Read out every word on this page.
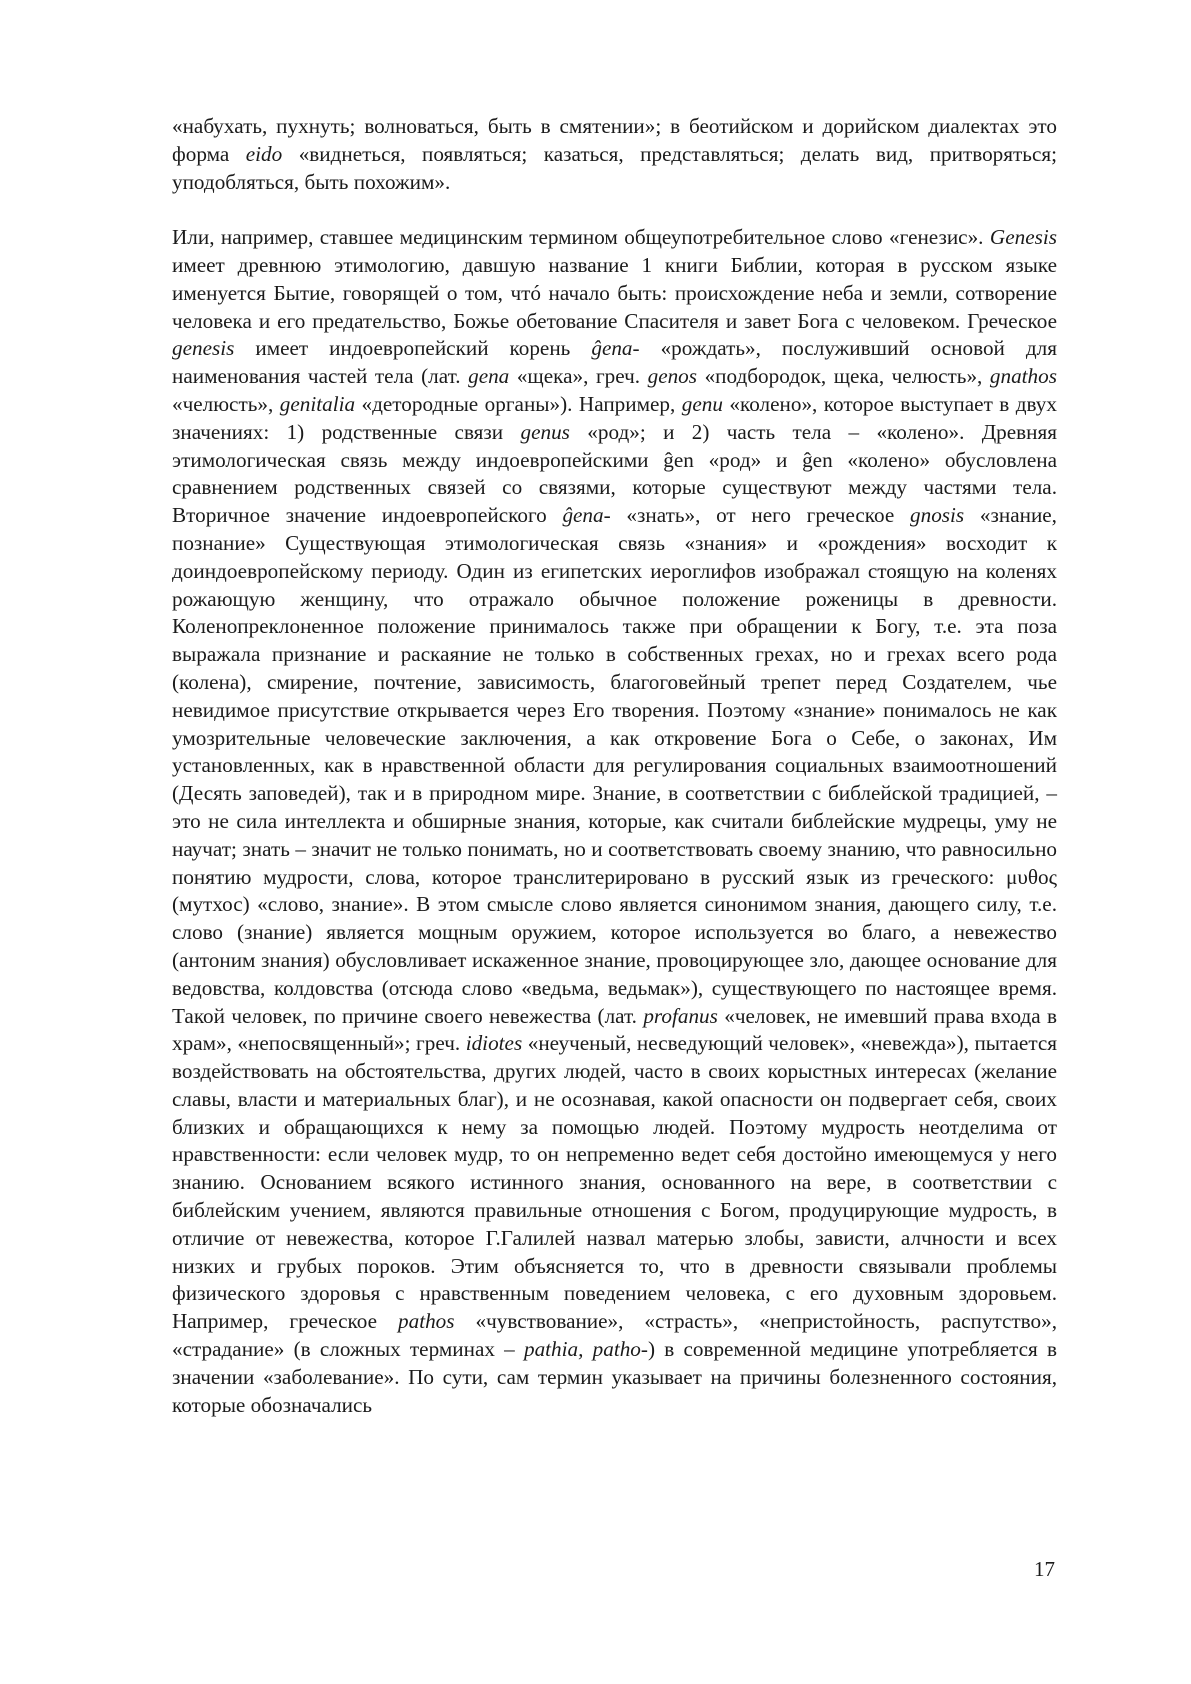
«набухать, пухнуть; волноваться, быть в смятении»; в беотийском и дорийском диалектах это форма eido «виднеться, появляться; казаться, представляться; делать вид, притворяться; уподобляться, быть похожим».

Или, например, ставшее медицинским термином общеупотребительное слово «генезис». Genesis имеет древнюю этимологию, давшую название 1 книги Библии, которая в русском языке именуется Бытие, говорящей о том, чтó начало быть: происхождение неба и земли, сотворение человека и его предательство, Божье обетование Спасителя и завет Бога с человеком. Греческое genesis имеет индоевропейский корень ĝena- «рождать», послуживший основой для наименования частей тела (лат. gena «щека», греч. genos «подбородок, щека, челюсть», gnathos «челюсть», genitalia «детородные органы»). Например, genu «колено», которое выступает в двух значениях: 1) родственные связи genus «род»; и 2) часть тела – «колено». Древняя этимологическая связь между индоевропейскими ĝen «род» и ĝen «колено» обусловлена сравнением родственных связей со связями, которые существуют между частями тела. Вторичное значение индоевропейского ĝena- «знать», от него греческое gnosis «знание, познание» Существующая этимологическая связь «знания» и «рождения» восходит к доиндоевропейскому периоду. Один из египетских иероглифов изображал стоящую на коленях рожающую женщину, что отражало обычное положение роженицы в древности. Коленопреклоненное положение принималось также при обращении к Богу, т.е. эта поза выражала признание и раскаяние не только в собственных грехах, но и грехах всего рода (колена), смирение, почтение, зависимость, благоговейный трепет перед Создателем, чье невидимое присутствие открывается через Его творения. Поэтому «знание» понималось не как умозрительные человеческие заключения, а как откровение Бога о Себе, о законах, Им установленных, как в нравственной области для регулирования социальных взаимоотношений (Десять заповедей), так и в природном мире. Знание, в соответствии с библейской традицией, – это не сила интеллекта и обширные знания, которые, как считали библейские мудрецы, уму не научат; знать – значит не только понимать, но и соответствовать своему знанию, что равносильно понятию мудрости, слова, которое транслитерировано в русский язык из греческого: μυθος (мутхос) «слово, знание». В этом смысле слово является синонимом знания, дающего силу, т.е. слово (знание) является мощным оружием, которое используется во благо, а невежество (антоним знания) обусловливает искаженное знание, провоцирующее зло, дающее основание для ведовства, колдовства (отсюда слово «ведьма, ведьмак»), существующего по настоящее время. Такой человек, по причине своего невежества (лат. profanus «человек, не имевший права входа в храм», «непосвященный»; греч. idiotes «неученый, несведующий человек», «невежда»), пытается воздействовать на обстоятельства, других людей, часто в своих корыстных интересах (желание славы, власти и материальных благ), и не осознавая, какой опасности он подвергает себя, своих близких и обращающихся к нему за помощью людей. Поэтому мудрость неотделима от нравственности: если человек мудр, то он непременно ведет себя достойно имеющемуся у него знанию. Основанием всякого истинного знания, основанного на вере, в соответствии с библейским учением, являются правильные отношения с Богом, продуцирующие мудрость, в отличие от невежества, которое Г.Галилей назвал матерью злобы, зависти, алчности и всех низких и грубых пороков. Этим объясняется то, что в древности связывали проблемы физического здоровья с нравственным поведением человека, с его духовным здоровьем. Например, греческое pathos «чувствование», «страсть», «непристойность, распутство», «страдание» (в сложных терминах – pathia, patho-) в современной медицине употребляется в значении «заболевание». По сути, сам термин указывает на причины болезненного состояния, которые обозначались

17
